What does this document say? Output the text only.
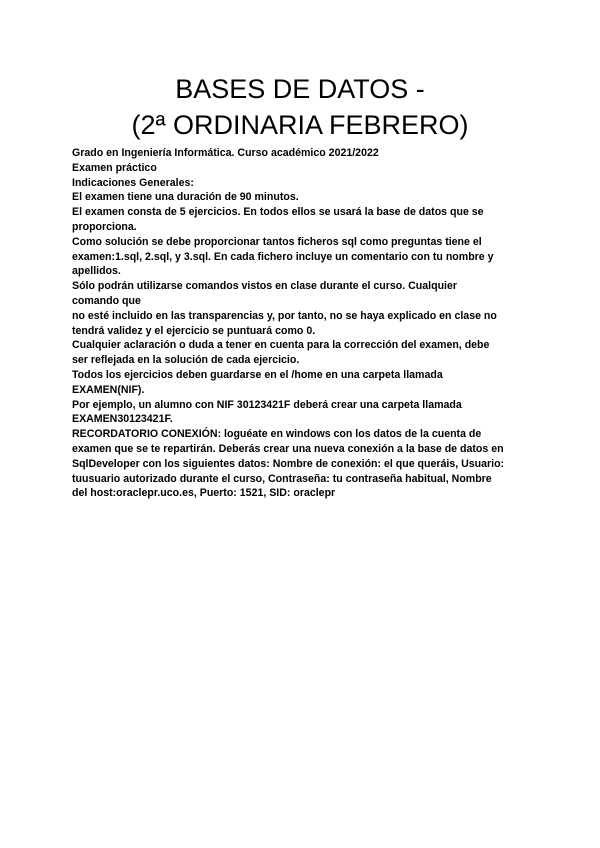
BASES DE DATOS -
(2ª ORDINARIA FEBRERO)
Grado en Ingeniería Informática. Curso académico 2021/2022
Examen práctico
Indicaciones Generales:
El examen tiene una duración de 90 minutos.
El examen consta de 5 ejercicios. En todos ellos se usará la base de datos que se
proporciona.
Como solución se debe proporcionar tantos ficheros sql como preguntas tiene el
examen:1.sql, 2.sql, y 3.sql. En cada fichero incluye un comentario con tu nombre y
apellidos.
Sólo podrán utilizarse comandos vistos en clase durante el curso. Cualquier
comando que
no esté incluido en las transparencias y, por tanto, no se haya explicado en clase no
tendrá validez y el ejercicio se puntuará como 0.
Cualquier aclaración o duda a tener en cuenta para la corrección del examen, debe
ser reflejada en la solución de cada ejercicio.
Todos los ejercicios deben guardarse en el /home en una carpeta llamada
EXAMEN(NIF).
Por ejemplo, un alumno con NIF 30123421F deberá crear una carpeta llamada
EXAMEN30123421F.
RECORDATORIO CONEXIÓN: loguéate en windows con los datos de la cuenta de
examen que se te repartirán. Deberás crear una nueva conexión a la base de datos en
SqlDeveloper con los siguientes datos: Nombre de conexión: el que queráis, Usuario:
tuusuario autorizado durante el curso, Contraseña: tu contraseña habitual, Nombre
del host:oraclepr.uco.es, Puerto: 1521, SID: oraclepr
